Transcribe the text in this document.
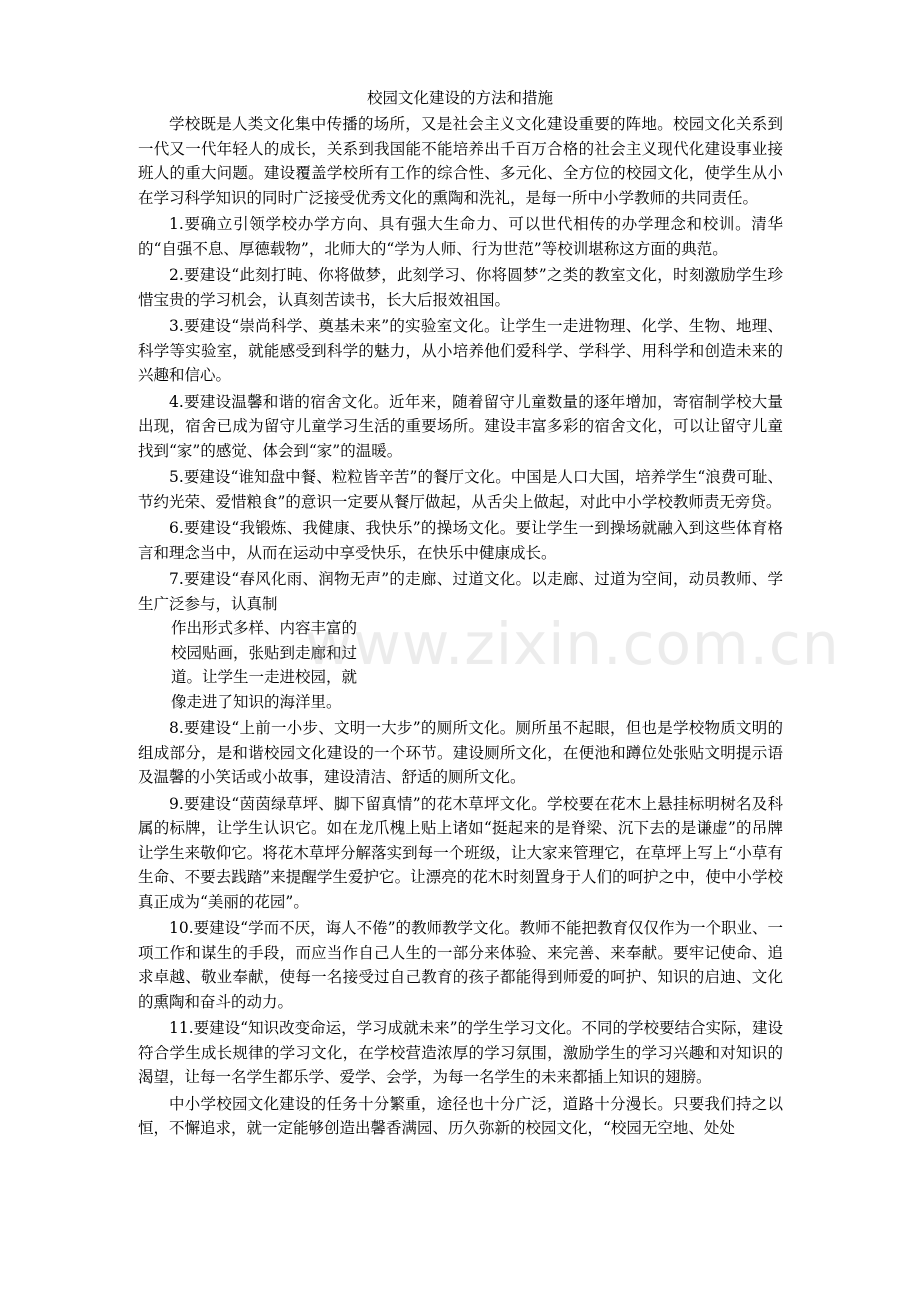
校园文化建设的方法和措施

学校既是人类文化集中传播的场所，又是社会主义文化建设重要的阵地。校园文化关系到一代又一代年轻人的成长，关系到我国能不能培养出千百万合格的社会主义现代化建设事业接班人的重大问题。建设覆盖学校所有工作的综合性、多元化、全方位的校园文化，使学生从小在学习科学知识的同时广泛接受优秀文化的熏陶和洗礼，是每一所中小学教师的共同责任。

1.要确立引领学校办学方向、具有强大生命力、可以世代相传的办学理念和校训。清华的“自强不息、厚德载物”，北师大的“学为人师、行为世范”等校训堪称这方面的典范。

2.要建设“此刻打盹、你将做梦，此刻学习、你将圆梦”之类的教室文化，时刻激励学生珍惜宝贵的学习机会，认真刻苦读书，长大后报效祖国。

3.要建设“崇尚科学、奠基未来”的实验室文化。让学生一走进物理、化学、生物、地理、科学等实验室，就能感受到科学的魅力，从小培养他们爱科学、学科学、用科学和创造未来的兴趣和信心。

4.要建设温馨和谐的宿舍文化。近年来，随着留守儿童数量的逐年增加，寄宿制学校大量出现，宿舍已成为留守儿童学习生活的重要场所。建设丰富多彩的宿舍文化，可以让留守儿童找到“家”的感觉、体会到“家”的温暖。

5.要建设“谁知盘中餐、粒粒皆辛苦”的餐厅文化。中国是人口大国，培养学生“浪费可耻、节约光荣、爱惜粮食”的意识一定要从餐厅做起，从舌尖上做起，对此中小学校教师责无旁贷。

6.要建设“我锻炼、我健康、我快乐”的操场文化。要让学生一到操场就融入到这些体育格言和理念当中，从而在运动中享受快乐，在快乐中健康成长。

7.要建设“春风化雨、润物无声”的走廊、过道文化。以走廊、过道为空间，动员教师、学生广泛参与，认真制

作出形式多样、内容丰富的
校园贴画，张贴到走廊和过
道。让学生一走进校园，就
像走进了知识的海洋里。

8.要建设“上前一小步、文明一大步”的厕所文化。厕所虽不起眼，但也是学校物质文明的组成部分，是和谐校园文化建设的一个环节。建设厕所文化，在便池和蹲位处张贴文明提示语及温馨的小笑话或小故事，建设清洁、舒适的厕所文化。

9.要建设“茵茵绿草坪、脚下留真情”的花木草坪文化。学校要在花木上悬挂标明树名及科属的标牌，让学生认识它。如在龙爪槐上贴上诸如“挺起来的是脊梁、沉下去的是谦虚”的吊牌让学生来敬仰它。将花木草坪分解落实到每一个班级，让大家来管理它，在草坪上写上“小草有生命、不要去践踏”来提醒学生爱护它。让漂亮的花木时刻置身于人们的呵护之中，使中小学校真正成为“美丽的花园”。

10.要建设“学而不厌，诲人不倦”的教师教学文化。教师不能把教育仅仅作为一个职业、一项工作和谋生的手段，而应当作自己人生的一部分来体验、来完善、来奉献。要牢记使命、追求卓越、敬业奉献，使每一名接受过自己教育的孩子都能得到师爱的呵护、知识的启迪、文化的熏陶和奋斗的动力。

11.要建设“知识改变命运，学习成就未来”的学生学习文化。不同的学校要结合实际，建设符合学生成长规律的学习文化，在学校营造浓厚的学习氛围，激励学生的学习兴趣和对知识的渴望，让每一名学生都乐学、爱学、会学，为每一名学生的未来都插上知识的翅膀。

中小学校园文化建设的任务十分繁重，途径也十分广泛，道路十分漫长。只要我们持之以恒，不懈追求，就一定能够创造出馨香满园、历久弥新的校园文化，“校园无空地、处处

www.zixin.com.cn
